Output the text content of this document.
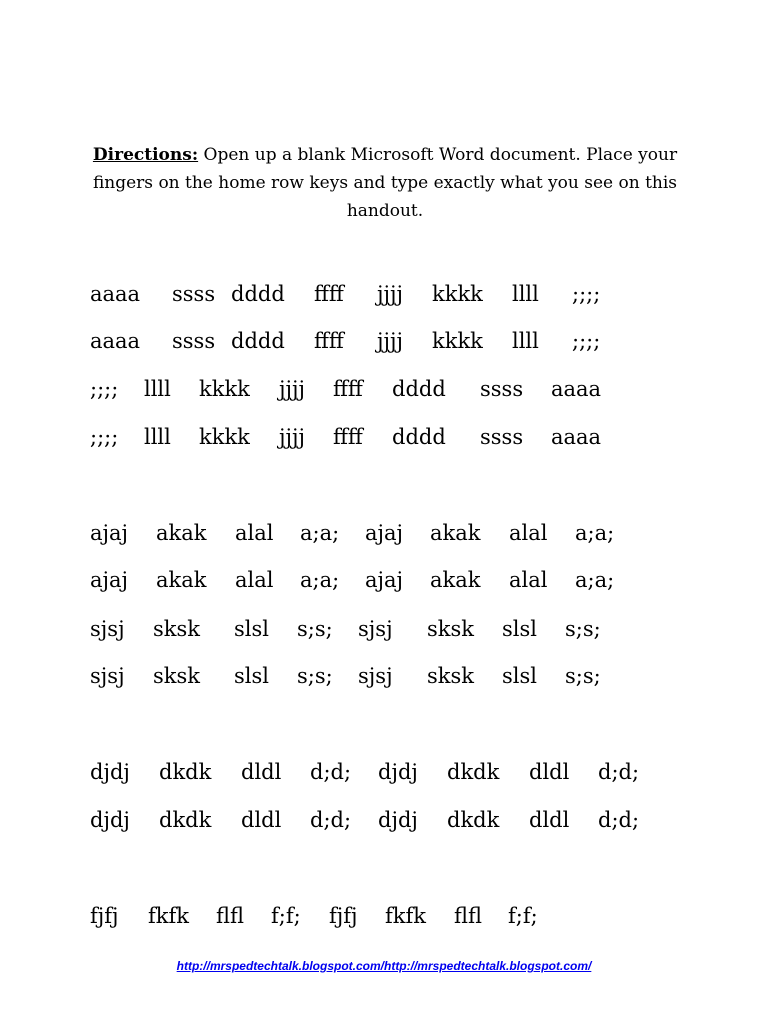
Directions: Open up a blank Microsoft Word document. Place your fingers on the home row keys and type exactly what you see on this handout.
aaaa ssss dddd ffff jjjj kkkk llll ;;;;
aaaa ssss dddd ffff jjjj kkkk llll ;;;;
;;;; llll kkkk jjjj ffff dddd ssss aaaa
;;;; llll kkkk jjjj ffff dddd ssss aaaa
ajaj akak alal a;a; ajaj akak alal a;a;
ajaj akak alal a;a; ajaj akak alal a;a;
sjsj sksk slsl s;s; sjsj sksk slsl s;s;
sjsj sksk slsl s;s; sjsj sksk slsl s;s;
djdj dkdk dldl d;d; djdj dkdk dldl d;d;
djdj dkdk dldl d;d; djdj dkdk dldl d;d;
fjfj fkfk flfl f;f; fjfj fkfk flfl f;f;
http://mrspedtechtalk.blogspot.com/http://mrspedtechtalk.blogspot.com/
